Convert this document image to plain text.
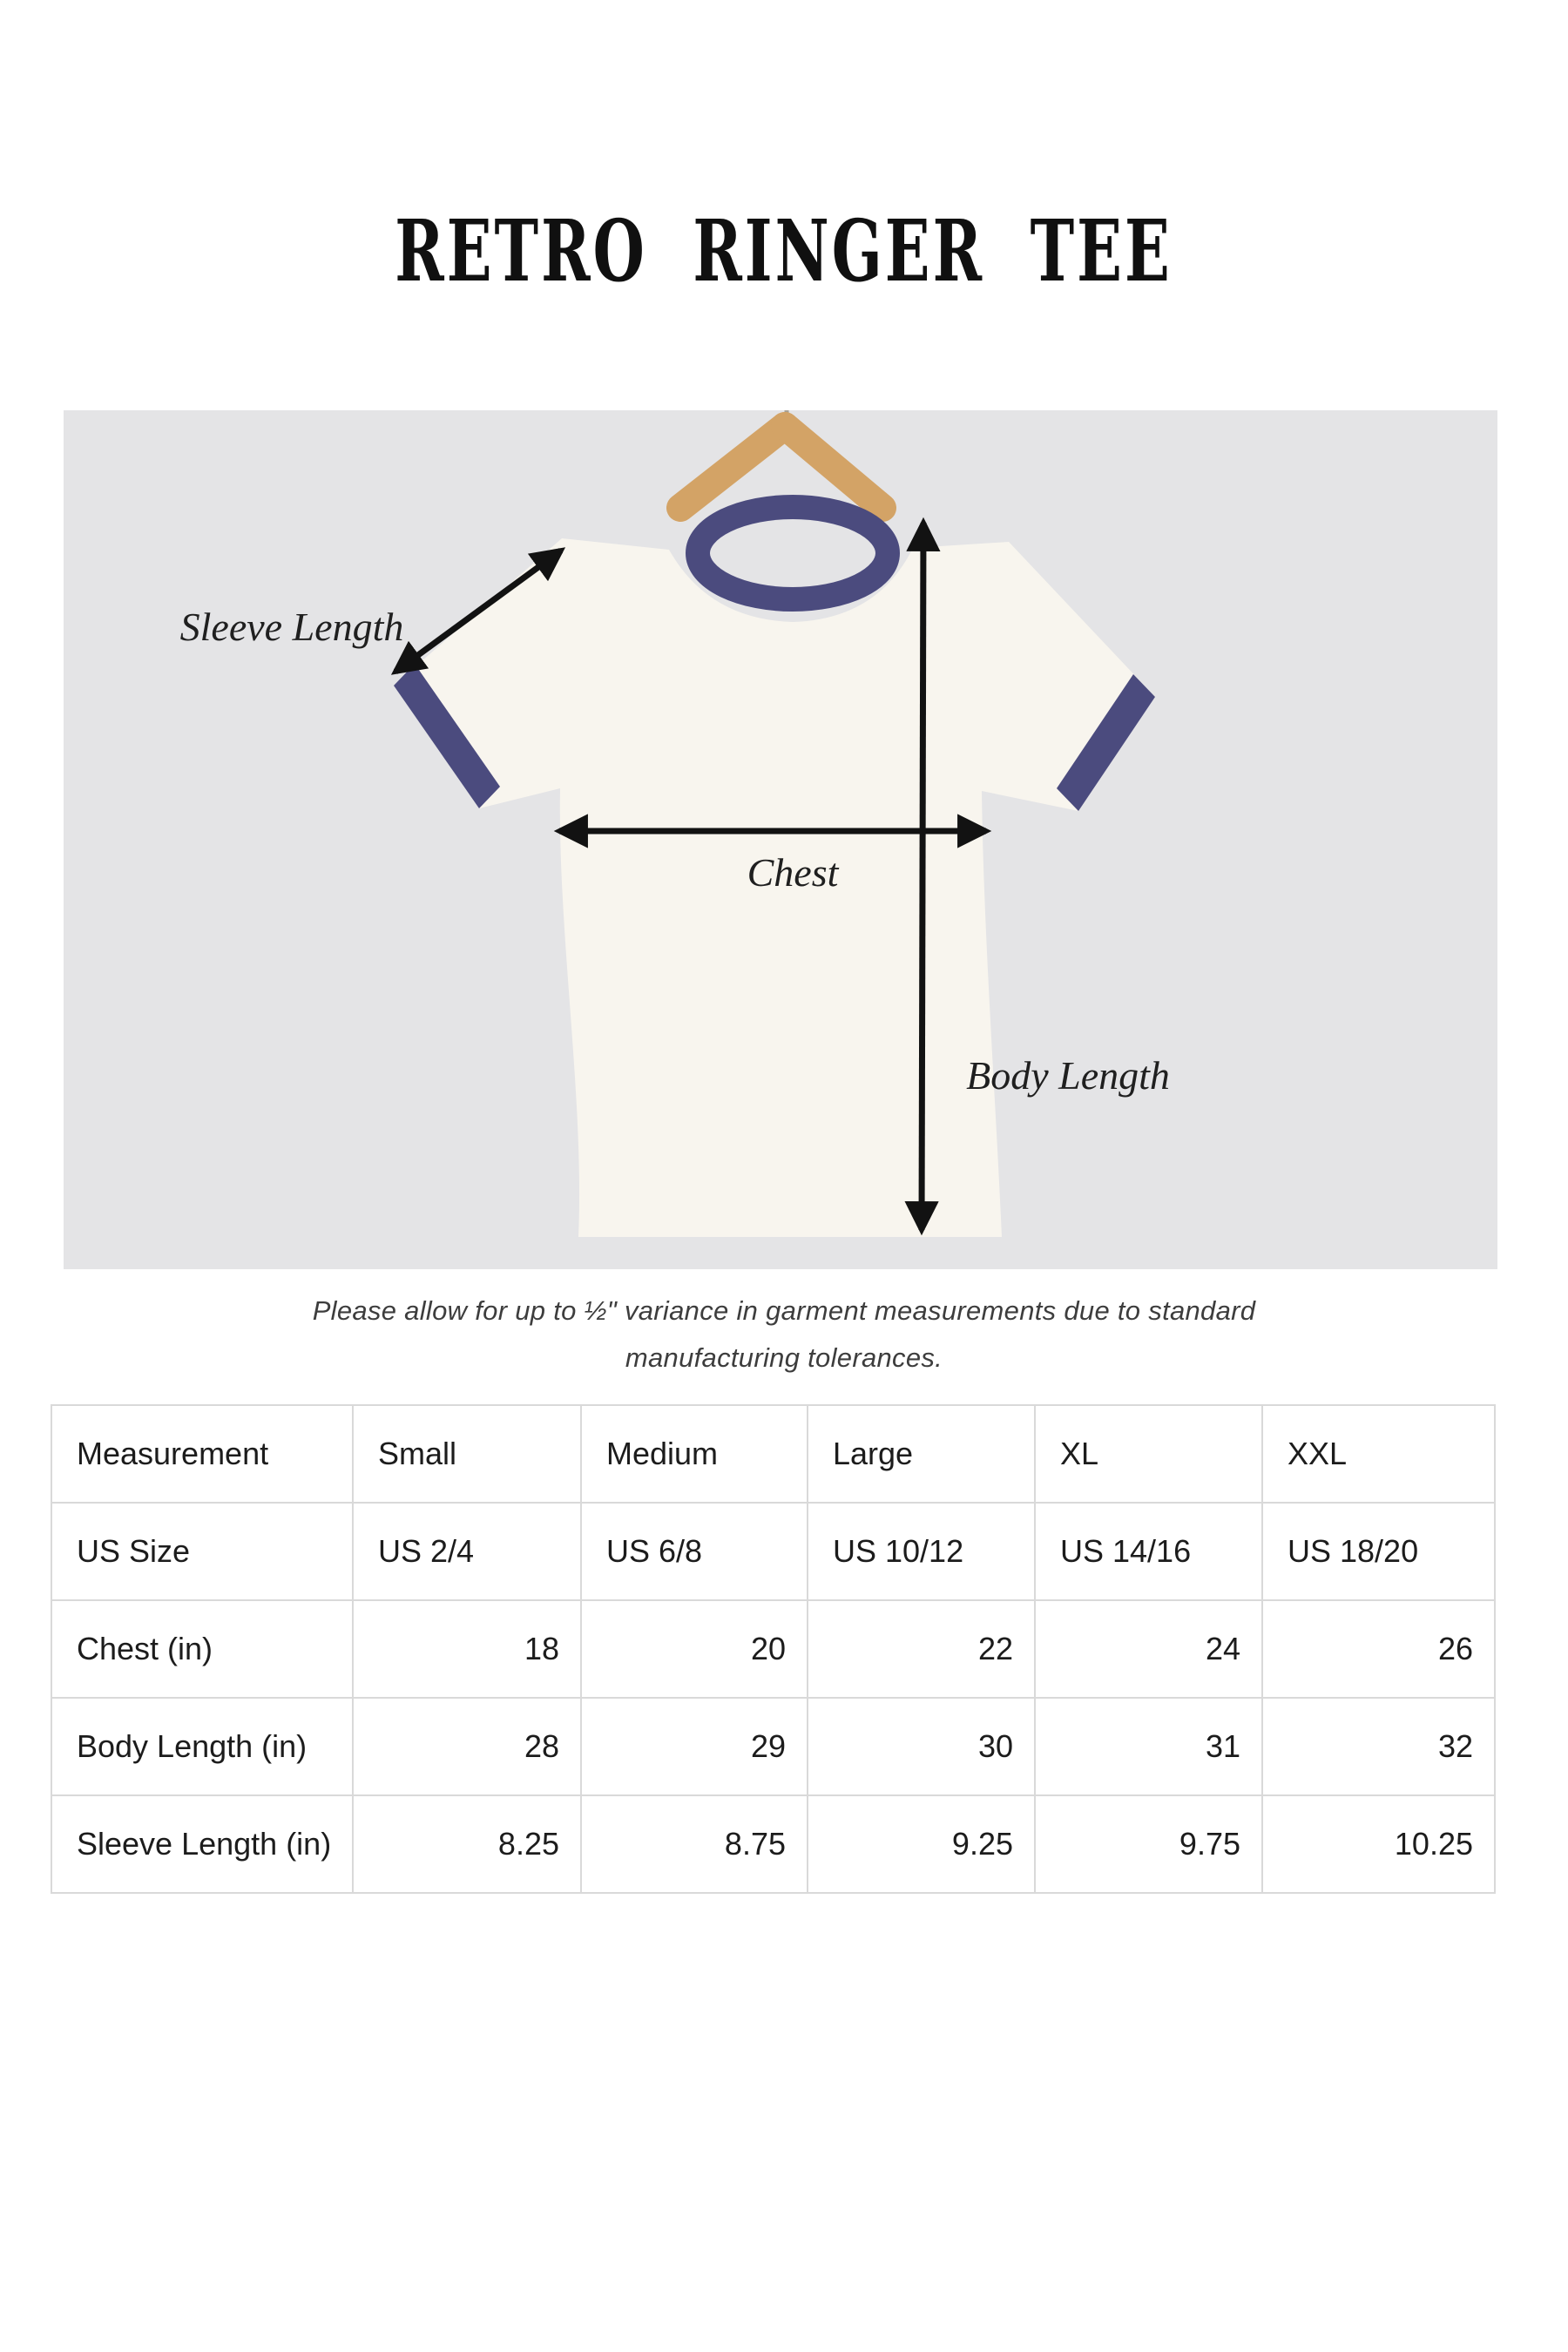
RETRO RINGER TEE
Sleeve Length
Chest
Body Length

Please allow for up to ½" variance in garment measurements due to standard
manufacturing tolerances.

Measurement	Small	Medium	Large	XL	XXL
US Size	US 2/4	US 6/8	US 10/12	US 14/16	US 18/20
Chest (in)	18	20	22	24	26
Body Length (in)	28	29	30	31	32
Sleeve Length (in)	8.25	8.75	9.25	9.75	10.25
